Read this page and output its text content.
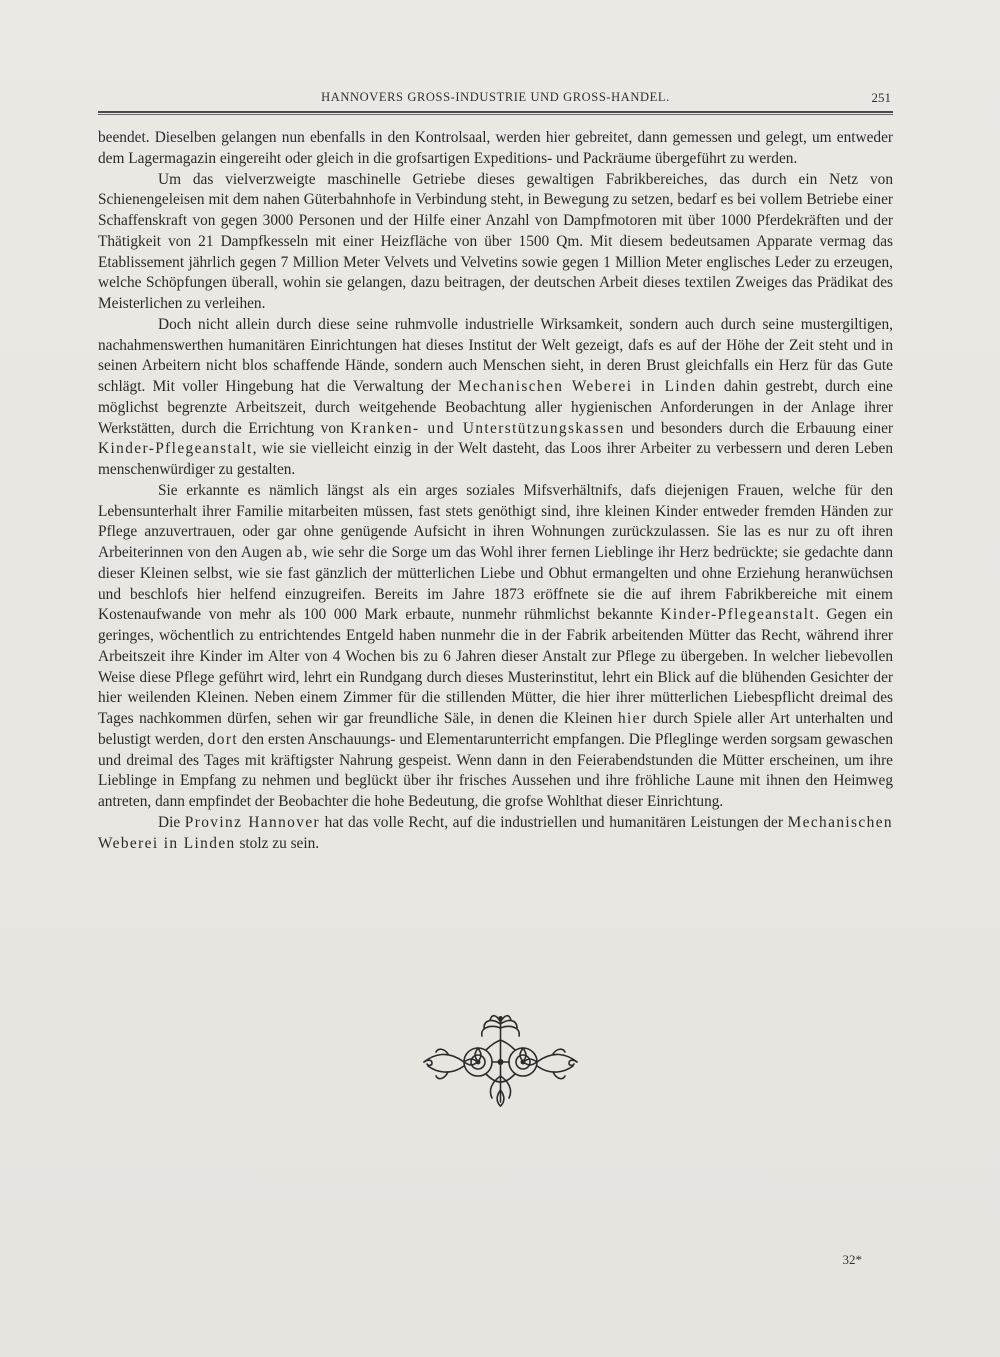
HANNOVERS GROSS-INDUSTRIE UND GROSS-HANDEL.	251

beendet. Dieselben gelangen nun ebenfalls in den Kontrolsaal, werden hier gebreitet, dann gemessen und gelegt, um entweder dem Lagermagazin eingereiht oder gleich in die grofsartigen Expeditions- und Packräume übergeführt zu werden.

Um das vielverzweigte maschinelle Getriebe dieses gewaltigen Fabrikbereiches, das durch ein Netz von Schienengeleisen mit dem nahen Güterbahnhofe in Verbindung steht, in Bewegung zu setzen, bedarf es bei vollem Betriebe einer Schaffenskraft von gegen 3000 Personen und der Hilfe einer Anzahl von Dampfmotoren mit über 1000 Pferdekräften und der Thätigkeit von 21 Dampfkesseln mit einer Heizfläche von über 1500 Qm. Mit diesem bedeutsamen Apparate vermag das Etablissement jährlich gegen 7 Million Meter Velvets und Velvetins sowie gegen 1 Million Meter englisches Leder zu erzeugen, welche Schöpfungen überall, wohin sie gelangen, dazu beitragen, der deutschen Arbeit dieses textilen Zweiges das Prädikat des Meisterlichen zu verleihen.

Doch nicht allein durch diese seine ruhmvolle industrielle Wirksamkeit, sondern auch durch seine mustergiltigen, nachahmenswerthen humanitären Einrichtungen hat dieses Institut der Welt gezeigt, dafs es auf der Höhe der Zeit steht und in seinen Arbeitern nicht blos schaffende Hände, sondern auch Menschen sieht, in deren Brust gleichfalls ein Herz für das Gute schlägt. Mit voller Hingebung hat die Verwaltung der Mechanischen Weberei in Linden dahin gestrebt, durch eine möglichst begrenzte Arbeitszeit, durch weitgehende Beobachtung aller hygienischen Anforderungen in der Anlage ihrer Werkstätten, durch die Errichtung von Kranken- und Unterstützungskassen und besonders durch die Erbauung einer Kinder-Pflegeanstalt, wie sie vielleicht einzig in der Welt dasteht, das Loos ihrer Arbeiter zu verbessern und deren Leben menschenwürdiger zu gestalten.

Sie erkannte es nämlich längst als ein arges soziales Mifsverhältnifs, dafs diejenigen Frauen, welche für den Lebensunterhalt ihrer Familie mitarbeiten müssen, fast stets genöthigt sind, ihre kleinen Kinder entweder fremden Händen zur Pflege anzuvertrauen, oder gar ohne genügende Aufsicht in ihren Wohnungen zurückzulassen. Sie las es nur zu oft ihren Arbeiterinnen von den Augen ab, wie sehr die Sorge um das Wohl ihrer fernen Lieblinge ihr Herz bedrückte; sie gedachte dann dieser Kleinen selbst, wie sie fast gänzlich der mütterlichen Liebe und Obhut ermangelten und ohne Erziehung heranwüchsen und beschlofs hier helfend einzugreifen. Bereits im Jahre 1873 eröffnete sie die auf ihrem Fabrikbereiche mit einem Kostenaufwande von mehr als 100 000 Mark erbaute, nunmehr rühmlichst bekannte Kinder-Pflegeanstalt. Gegen ein geringes, wöchentlich zu entrichtendes Entgeld haben nunmehr die in der Fabrik arbeitenden Mütter das Recht, während ihrer Arbeitszeit ihre Kinder im Alter von 4 Wochen bis zu 6 Jahren dieser Anstalt zur Pflege zu übergeben. In welcher liebevollen Weise diese Pflege geführt wird, lehrt ein Rundgang durch dieses Musterinstitut, lehrt ein Blick auf die blühenden Gesichter der hier weilenden Kleinen. Neben einem Zimmer für die stillenden Mütter, die hier ihrer mütterlichen Liebespflicht dreimal des Tages nachkommen dürfen, sehen wir gar freundliche Säle, in denen die Kleinen hier durch Spiele aller Art unterhalten und belustigt werden, dort den ersten Anschauungs- und Elementarunterricht empfangen. Die Pfleglinge werden sorgsam gewaschen und dreimal des Tages mit kräftigster Nahrung gespeist. Wenn dann in den Feierabendstunden die Mütter erscheinen, um ihre Lieblinge in Empfang zu nehmen und beglückt über ihr frisches Aussehen und ihre fröhliche Laune mit ihnen den Heimweg antreten, dann empfindet der Beobachter die hohe Bedeutung, die grofse Wohlthat dieser Einrichtung.

Die Provinz Hannover hat das volle Recht, auf die industriellen und humanitären Leistungen der Mechanischen Weberei in Linden stolz zu sein.

32*
